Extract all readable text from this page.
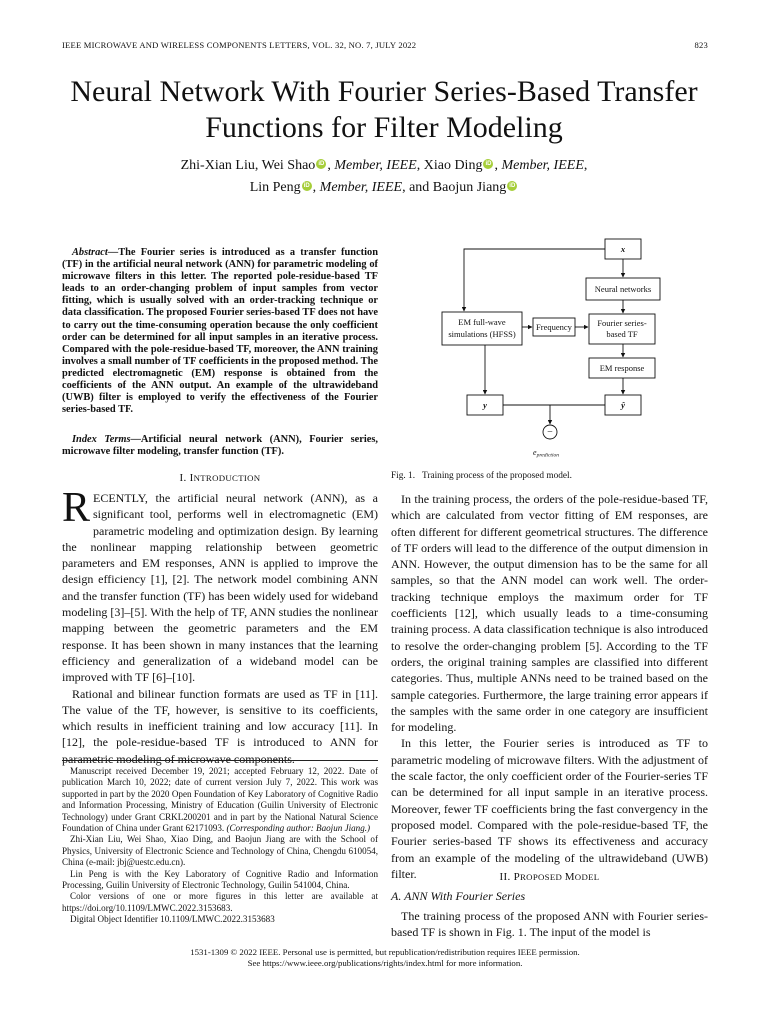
IEEE MICROWAVE AND WIRELESS COMPONENTS LETTERS, VOL. 32, NO. 7, JULY 2022	823
Neural Network With Fourier Series-Based Transfer
Functions for Filter Modeling
Zhi-Xian Liu, Wei Shao iD , Member, IEEE, Xiao Ding iD , Member, IEEE,
Lin Peng iD , Member, IEEE, and Baojun Jiang iD
Abstract—The Fourier series is introduced as a transfer function (TF) in the artificial neural network (ANN) for parametric modeling of microwave filters in this letter. The reported pole-residue-based TF leads to an order-changing problem of input samples from vector fitting, which is usually solved with an order-tracking technique or data classification. The proposed Fourier series-based TF does not have to carry out the time-consuming operation because the only coefficient order can be determined for all input samples in an iterative process. Compared with the pole-residue-based TF, moreover, the ANN training involves a small number of TF coefficients in the proposed method. The predicted electromagnetic (EM) response is obtained from the coefficients of the ANN output. An example of the ultrawideband (UWB) filter is employed to verify the effectiveness of the Fourier series-based TF.
Index Terms—Artificial neural network (ANN), Fourier series, microwave filter modeling, transfer function (TF).
I. INTRODUCTION

RECENTLY, the artificial neural network (ANN), as a significant tool, performs well in electromagnetic (EM) parametric modeling and optimization design. By learning the nonlinear mapping relationship between geometric parameters and EM responses, ANN is applied to improve the design efficiency [1], [2]. The network model combining ANN and the transfer function (TF) has been widely used for wideband modeling [3]–[5]. With the help of TF, ANN studies the nonlinear mapping between the geometric parameters and the EM response. It has been shown in many instances that the learning efficiency and generalization of a wideband model can be improved with TF [6]–[10].

Rational and bilinear function formats are used as TF in [11]. The value of the TF, however, is sensitive to its coefficients, which results in inefficient training and low accuracy [11]. In [12], the pole-residue-based TF is introduced to ANN for parametric modeling of microwave components.

Manuscript received December 19, 2021; accepted February 12, 2022. Date of publication March 10, 2022; date of current version July 7, 2022. This work was supported in part by the 2020 Open Foundation of Key Laboratory of Cognitive Radio and Information Processing, Ministry of Education (Guilin University of Electronic Technology) under Grant CRKL200201 and in part by the National Natural Science Foundation of China under Grant 62171093. (Corresponding author: Baojun Jiang.)

Zhi-Xian Liu, Wei Shao, Xiao Ding, and Baojun Jiang are with the School of Physics, University of Electronic Science and Technology of China, Chengdu 610054, China (e-mail: jbj@uestc.edu.cn).

Lin Peng is with the Key Laboratory of Cognitive Radio and Information Processing, Guilin University of Electronic Technology, Guilin 541004, China.

Color versions of one or more figures in this letter are available at https://doi.org/10.1109/LMWC.2022.3153683.

Digital Object Identifier 10.1109/LMWC.2022.3153683

x
Neural networks
EM full-wave
simulations (HFSS)
Frequency	Fourier series-
based TF
EM response
y	ŷ
−
eprediction
Fig. 1. Training process of the proposed model.

In the training process, the orders of the pole-residue-based TF, which are calculated from vector fitting of EM responses, are often different for different geometrical structures. The difference of TF orders will lead to the difference of the output dimension in ANN. However, the output dimension has to be the same for all samples, so that the ANN model can work well. The order-tracking technique employs the maximum order for TF coefficients [12], which usually leads to a time-consuming training process. A data classification technique is also introduced to resolve the order-changing problem [5]. According to the TF orders, the original training samples are classified into different categories. Thus, multiple ANNs need to be trained based on the sample categories. Furthermore, the large training error appears if the samples with the same order in one category are insufficient for modeling.

In this letter, the Fourier series is introduced as TF to parametric modeling of microwave filters. With the adjustment of the scale factor, the only coefficient order of the Fourier-series TF can be determined for all input sample in an iterative process. Moreover, fewer TF coefficients bring the fast convergency in the proposed model. Compared with the pole-residue-based TF, the Fourier series-based TF shows its effectiveness and accuracy from an example of the modeling of the ultrawideband (UWB) filter.	II. PROPOSED MODEL
A. ANN With Fourier Series

The training process of the proposed ANN with Fourier series-based TF is shown in Fig. 1. The input of the model is

1531-1309 © 2022 IEEE. Personal use is permitted, but republication/redistribution requires IEEE permission.
See https://www.ieee.org/publications/rights/index.html for more information.
